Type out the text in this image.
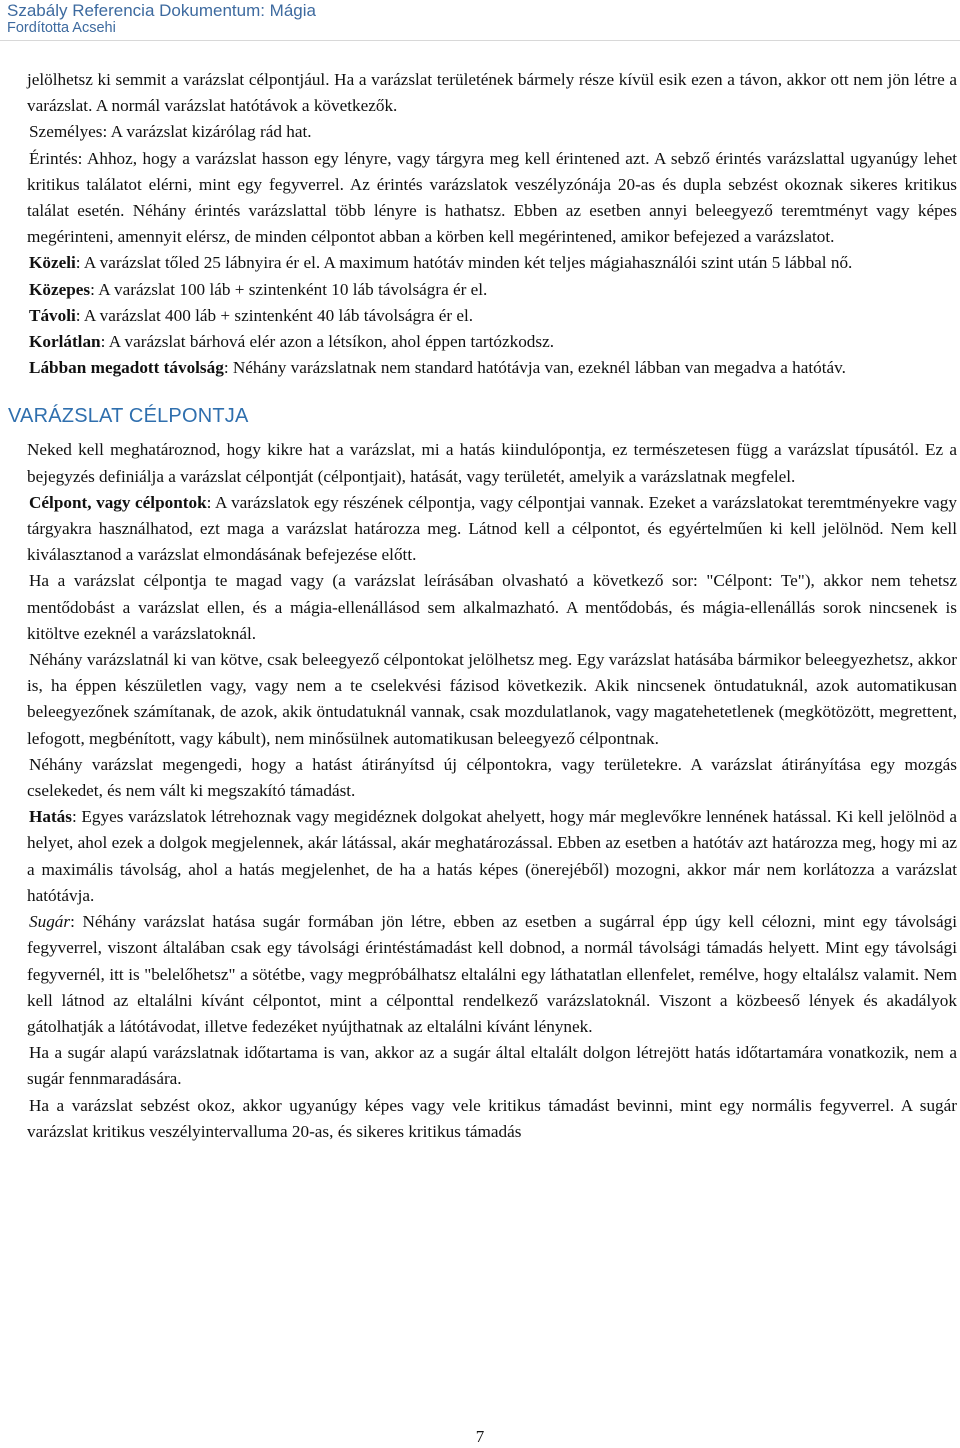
Szabály Referencia Dokumentum: Mágia
Fordította Acsehi

jelölhetsz ki semmit a varázslat célpontjául. Ha a varázslat területének bármely része kívül esik ezen a távon, akkor ott nem jön létre a varázslat. A normál varázslat hatótávok a következők.

Személyes: A varázslat kizárólag rád hat.

Érintés: Ahhoz, hogy a varázslat hasson egy lényre, vagy tárgyra meg kell érintened azt. A sebző érintés varázslattal ugyanúgy lehet kritikus találatot elérni, mint egy fegyverrel. Az érintés varázslatok veszélyzónája 20-as és dupla sebzést okoznak sikeres kritikus találat esetén. Néhány érintés varázslattal több lényre is hathatsz. Ebben az esetben annyi beleegyező teremtményt vagy képes megérinteni, amennyit elérsz, de minden célpontot abban a körben kell megérintened, amikor befejezed a varázslatot.

Közeli: A varázslat tőled 25 lábnyira ér el. A maximum hatótáv minden két teljes mágiahasználói szint után 5 lábbal nő.

Közepes: A varázslat 100 láb + szintenként 10 láb távolságra ér el.

Távoli: A varázslat 400 láb + szintenként 40 láb távolságra ér el.

Korlátlan: A varázslat bárhová elér azon a létsíkon, ahol éppen tartózkodsz.

Lábban megadott távolság: Néhány varázslatnak nem standard hatótávja van, ezeknél lábban van megadva a hatótáv.

VARÁZSLAT CÉLPONTJA

Neked kell meghatároznod, hogy kikre hat a varázslat, mi a hatás kiindulópontja, ez természetesen függ a varázslat típusától. Ez a bejegyzés definiálja a varázslat célpontját (célpontjait), hatását, vagy területét, amelyik a varázslatnak megfelel.

Célpont, vagy célpontok: A varázslatok egy részének célpontja, vagy célpontjai vannak. Ezeket a varázslatokat teremtményekre vagy tárgyakra használhatod, ezt maga a varázslat határozza meg. Látnod kell a célpontot, és egyértelműen ki kell jelölnöd. Nem kell kiválasztanod a varázslat elmondásának befejezése előtt.

Ha a varázslat célpontja te magad vagy (a varázslat leírásában olvasható a következő sor: "Célpont: Te"), akkor nem tehetsz mentődobást a varázslat ellen, és a mágia-ellenállásod sem alkalmazható. A mentődobás, és mágia-ellenállás sorok nincsenek is kitöltve ezeknél a varázslatoknál.

Néhány varázslatnál ki van kötve, csak beleegyező célpontokat jelölhetsz meg. Egy varázslat hatásába bármikor beleegyezhetsz, akkor is, ha éppen készületlen vagy, vagy nem a te cselekvési fázisod következik. Akik nincsenek öntudatuknál, azok automatikusan beleegyezőnek számítanak, de azok, akik öntudatuknál vannak, csak mozdulatlanok, vagy magatehetetlenek (megkötözött, megrettent, lefogott, megbénított, vagy kábult), nem minősülnek automatikusan beleegyező célpontnak.

Néhány varázslat megengedi, hogy a hatást átirányítsd új célpontokra, vagy területekre. A varázslat átirányítása egy mozgás cselekedet, és nem vált ki megszakító támadást.

Hatás: Egyes varázslatok létrehoznak vagy megidéznek dolgokat ahelyett, hogy már meglevőkre lennének hatással. Ki kell jelölnöd a helyet, ahol ezek a dolgok megjelennek, akár látással, akár meghatározással. Ebben az esetben a hatótáv azt határozza meg, hogy mi az a maximális távolság, ahol a hatás megjelenhet, de ha a hatás képes (önerejéből) mozogni, akkor már nem korlátozza a varázslat hatótávja.

Sugár: Néhány varázslat hatása sugár formában jön létre, ebben az esetben a sugárral épp úgy kell célozni, mint egy távolsági fegyverrel, viszont általában csak egy távolsági érintéstámadást kell dobnod, a normál távolsági támadás helyett. Mint egy távolsági fegyvernél, itt is "belelőhetsz" a sötétbe, vagy megpróbálhatsz eltalálni egy láthatatlan ellenfelet, remélve, hogy eltalálsz valamit. Nem kell látnod az eltalálni kívánt célpontot, mint a célponttal rendelkező varázslatoknál. Viszont a közbeeső lények és akadályok gátolhatják a látótávodat, illetve fedezéket nyújthatnak az eltalálni kívánt lénynek.

Ha a sugár alapú varázslatnak időtartama is van, akkor az a sugár által eltalált dolgon létrejött hatás időtartamára vonatkozik, nem a sugár fennmaradására.

Ha a varázslat sebzést okoz, akkor ugyanúgy képes vagy vele kritikus támadást bevinni, mint egy normális fegyverrel. A sugár varázslat kritikus veszélyintervalluma 20-as, és sikeres kritikus támadás

7
